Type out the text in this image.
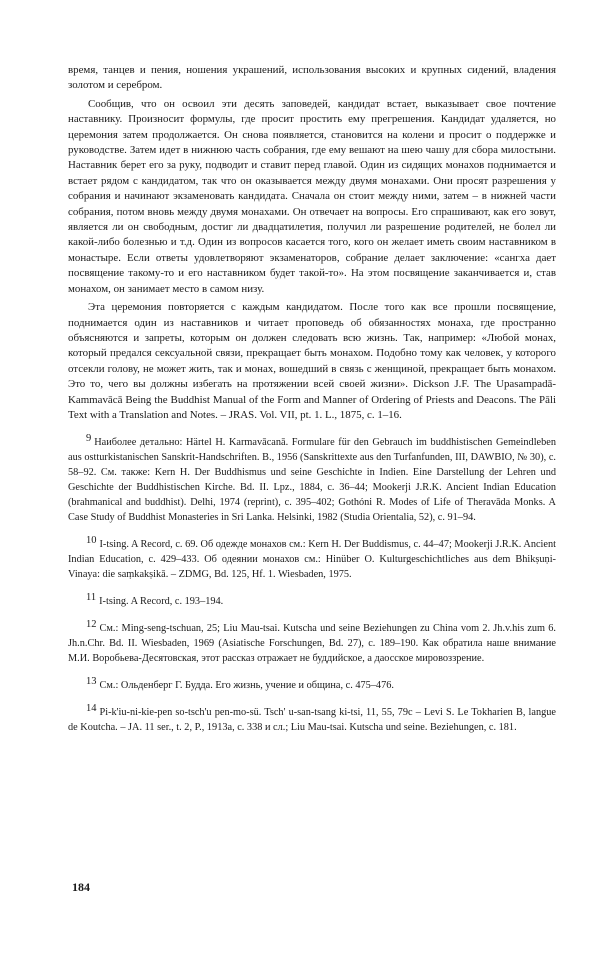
время, танцев и пения, ношения украшений, использования высоких и крупных сидений, владения золотом и серебром.

Сообщив, что он освоил эти десять заповедей, кандидат встает, выказывает свое почтение наставнику. Произносит формулы, где просит простить ему прегрешения. Кандидат удаляется, но церемония затем продолжается. Он снова появляется, становится на колени и просит о поддержке и руководстве. Затем идет в нижнюю часть собрания, где ему вешают на шею чашу для сбора милостыни. Наставник берет его за руку, подводит и ставит перед главой. Один из сидящих монахов поднимается и встает рядом с кандидатом, так что он оказывается между двумя монахами. Они просят разрешения у собрания и начинают экзаменовать кандидата. Сначала он стоит между ними, затем – в нижней части собрания, потом вновь между двумя монахами. Он отвечает на вопросы. Его спрашивают, как его зовут, является ли он свободным, достиг ли двадцатилетия, получил ли разрешение родителей, не болел ли какой-либо болезнью и т.д. Один из вопросов касается того, кого он желает иметь своим наставником в монастыре. Если ответы удовлетворяют экзаменаторов, собрание делает заключение: «сангха дает посвящение такому-то и его наставником будет такой-то». На этом посвящение заканчивается и, став монахом, он занимает место в самом низу.

Эта церемония повторяется с каждым кандидатом. После того как все прошли посвящение, поднимается один из наставников и читает проповедь об обязанностях монаха, где пространно объясняются и запреты, которым он должен следовать всю жизнь. Так, например: «Любой монах, который предался сексуальной связи, прекращает быть монахом. Подобно тому как человек, у которого отсекли голову, не может жить, так и монах, вошедший в связь с женщиной, прекращает быть монахом. Это то, чего вы должны избегать на протяжении всей своей жизни». Dickson J.F. The Upasampadā-Kammavācā Being the Buddhist Manual of the Form and Manner of Ordering of Priests and Deacons. The Pāli Text with a Translation and Notes. – JRAS. Vol. VII, pt. 1. L., 1875, с. 1–16.

9 Наиболее детально: Härtel H. Karmavācanā. Formulare für den Gebrauch im buddhistischen Gemeindleben aus ostturkistanischen Sanskrit-Handschriften. B., 1956 (Sanskrittexte aus den Turfanfunden, III, DAWBIO, № 30), с. 58–92. См. также: Kern H. Der Buddhismus und seine Geschichte in Indien. Eine Darstellung der Lehren und Geschichte der Buddhistischen Kirche. Bd. II. Lpz., 1884, с. 36–44; Mookerji J.R.K. Ancient Indian Education (brahmanical and buddhist). Delhi, 1974 (reprint), с. 395–402; Gothóni R. Modes of Life of Theravāda Monks. A Case Study of Buddhist Monasteries in Sri Lanka. Helsinki, 1982 (Studia Orientalia, 52), с. 91–94.

10 I-tsing. A Record, с. 69. Об одежде монахов см.: Kern H. Der Buddismus, с. 44–47; Mookerji J.R.K. Ancient Indian Education, с. 429–433. Об одеянии монахов см.: Hinüber O. Kulturgeschichtliches aus dem Bhikṣuṇi-Vinaya: die saṃkakṣikā. – ZDMG, Bd. 125, Hf. 1. Wiesbaden, 1975.

11 I-tsing. A Record, с. 193–194.

12 См.: Ming-seng-tschuan, 25; Liu Mau-tsai. Kutscha und seine Beziehungen zu China vom 2. Jh.v.his zum 6. Jh.n.Chr. Bd. II. Wiesbaden, 1969 (Asiatische Forschungen, Bd. 27), с. 189–190. Как обратила наше внимание М.И. Воробьева-Десятовская, этот рассказ отражает не буддийское, а даосское мировоззрение.

13 См.: Ольденберг Г. Будда. Его жизнь, учение и община, с. 475–476.

14 Pi-k'iu-ni-kie-pen so-tsch'u pen-mo-sü. Tsch' u-san-tsang ki-tsi, 11, 55, 79с – Levi S. Le Tokharien B, langue de Koutcha. – JA. 11 ser., t. 2, P., 1913a, с. 338 и сл.; Liu Mau-tsai. Kutscha und seine. Beziehungen, с. 181.

184
